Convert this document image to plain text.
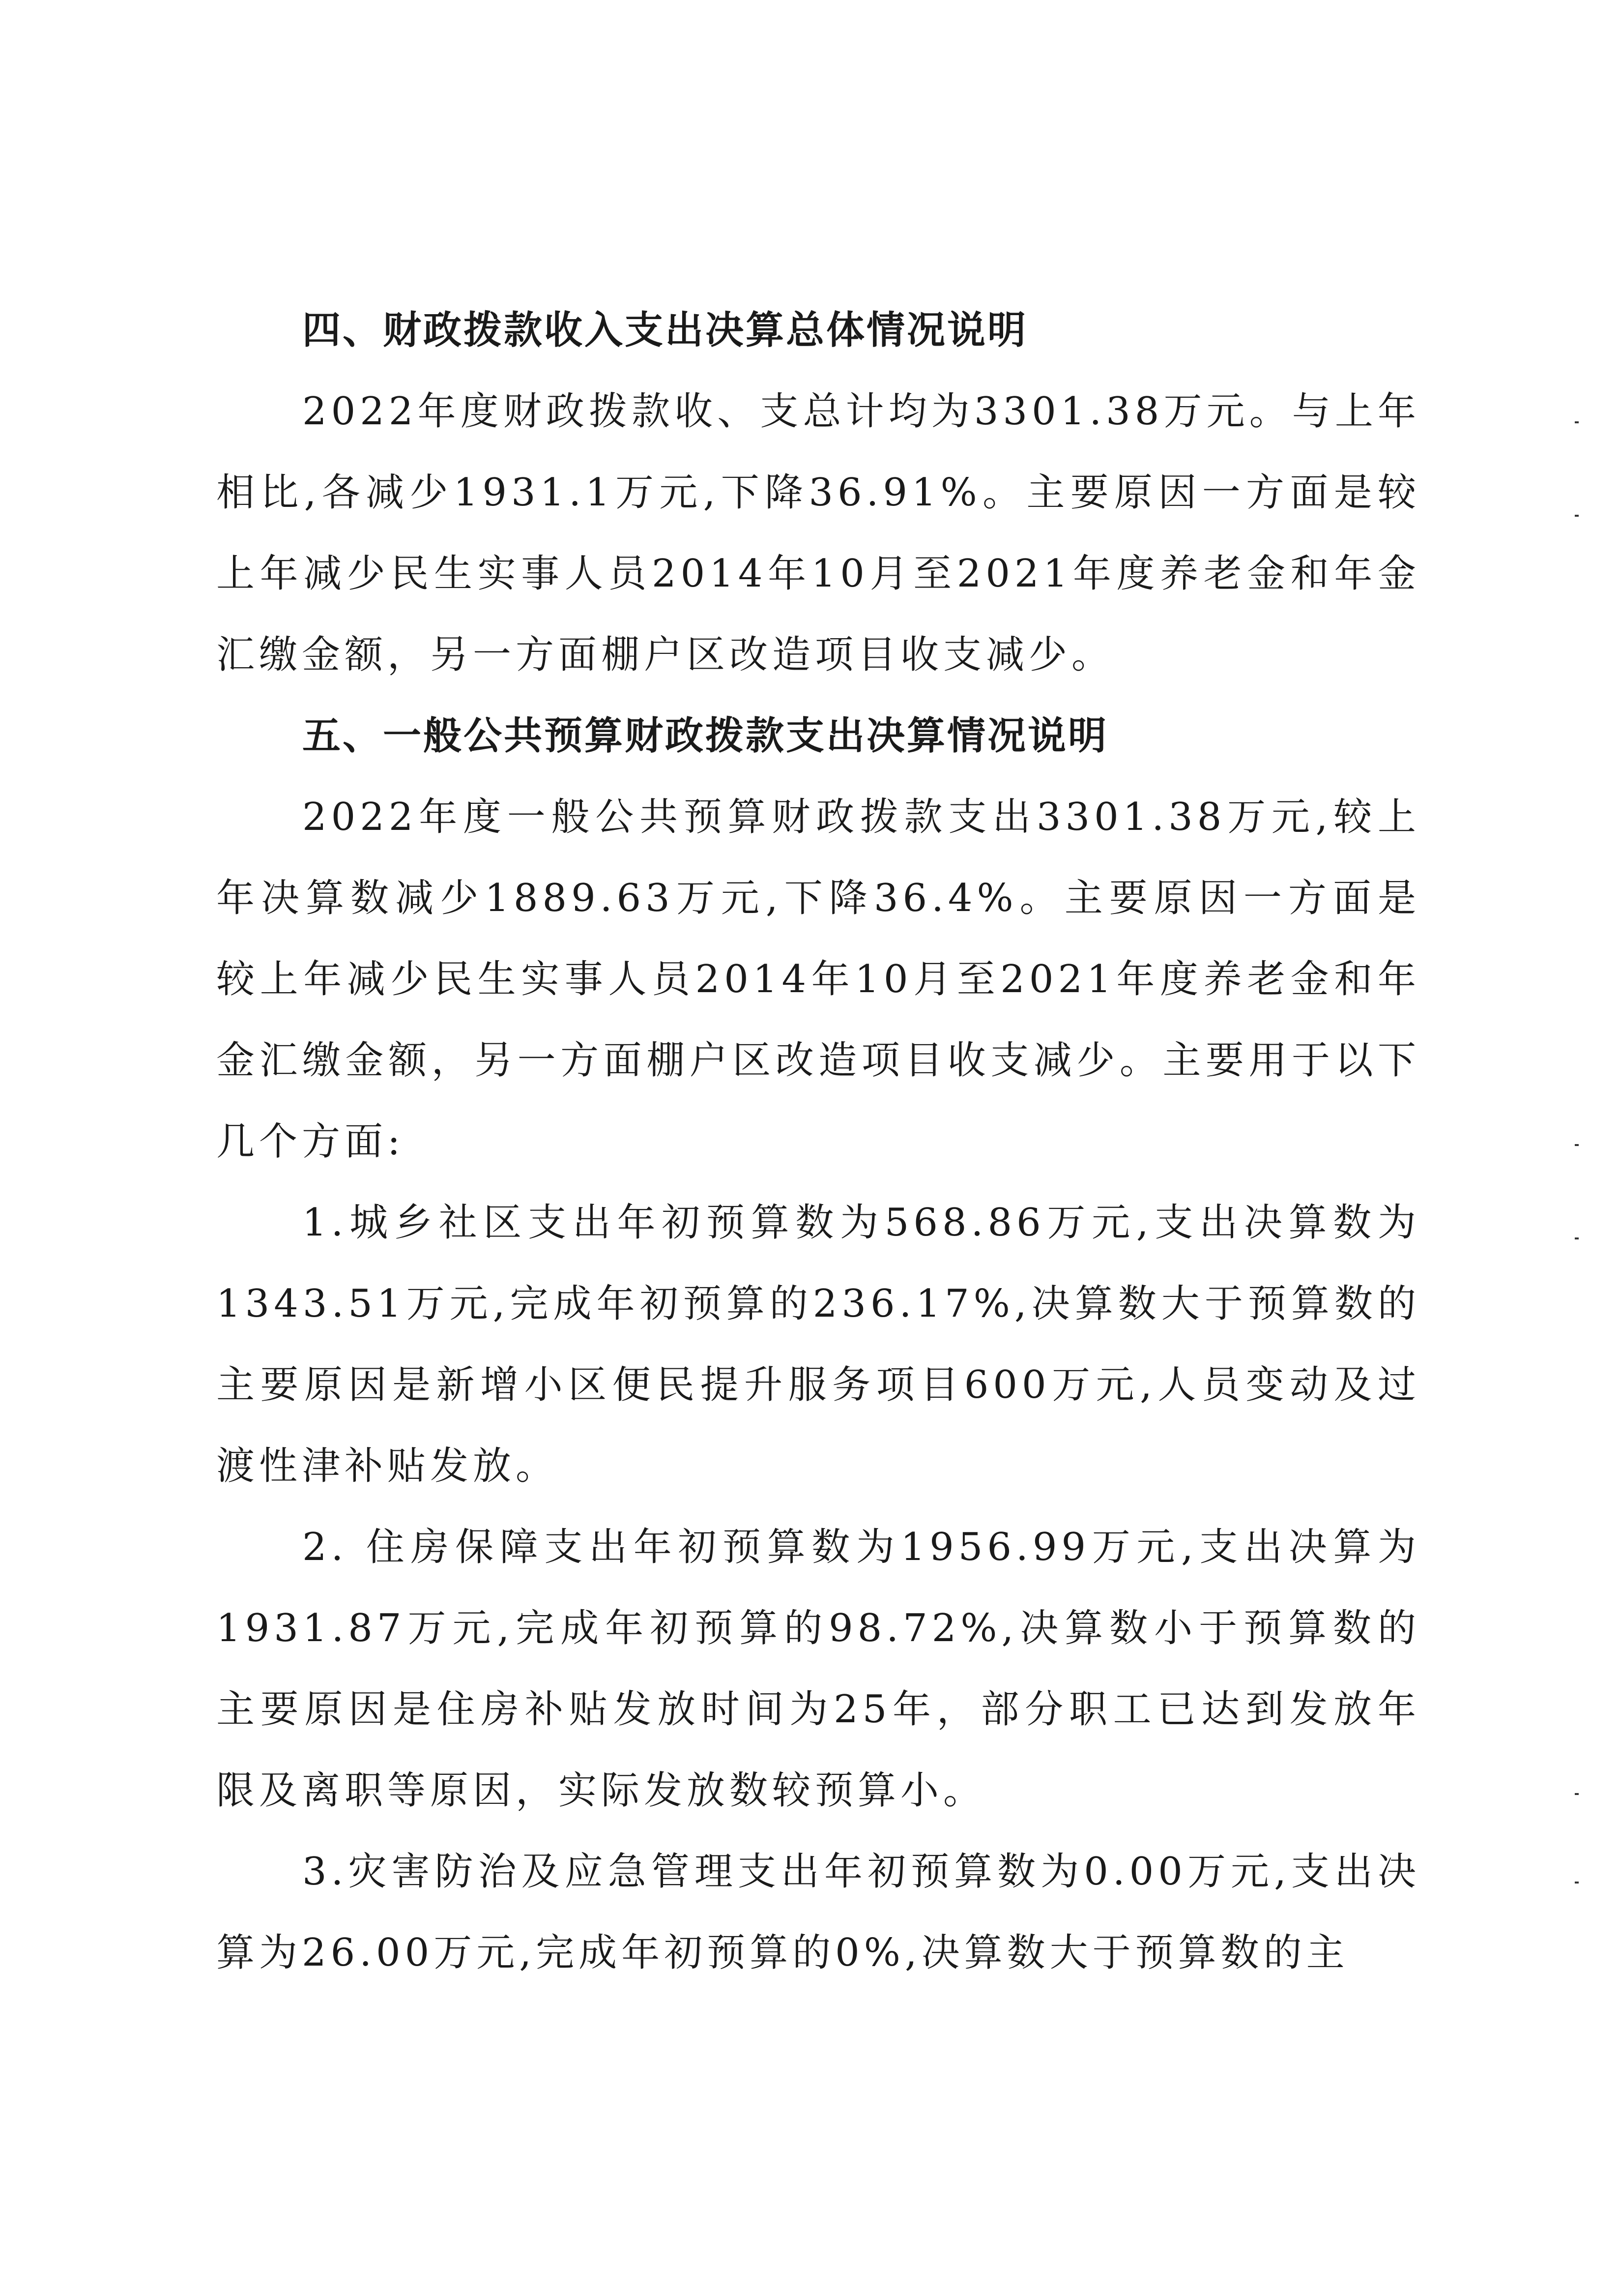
四、财政拨款收入支出决算总体情况说明

2022年度财政拨款收、支总计均为3301.38万元。与上年相比,各减少1931.1万元,下降36.91%。主要原因一方面是较上年减少民生实事人员2014年10月至2021年度养老金和年金汇缴金额，另一方面棚户区改造项目收支减少。

五、一般公共预算财政拨款支出决算情况说明

2022年度一般公共预算财政拨款支出3301.38万元,较上年决算数减少1889.63万元,下降36.4%。主要原因一方面是较上年减少民生实事人员2014年10月至2021年度养老金和年金汇缴金额，另一方面棚户区改造项目收支减少。主要用于以下几个方面:

1.城乡社区支出年初预算数为568.86万元,支出决算数为1343.51万元,完成年初预算的236.17%,决算数大于预算数的主要原因是新增小区便民提升服务项目600万元,人员变动及过渡性津补贴发放。

2. 住房保障支出年初预算数为1956.99万元,支出决算为1931.87万元,完成年初预算的98.72%,决算数小于预算数的主要原因是住房补贴发放时间为25年，部分职工已达到发放年限及离职等原因，实际发放数较预算小。

3.灾害防治及应急管理支出年初预算数为0.00万元,支出决算为26.00万元,完成年初预算的0%,决算数大于预算数的主
